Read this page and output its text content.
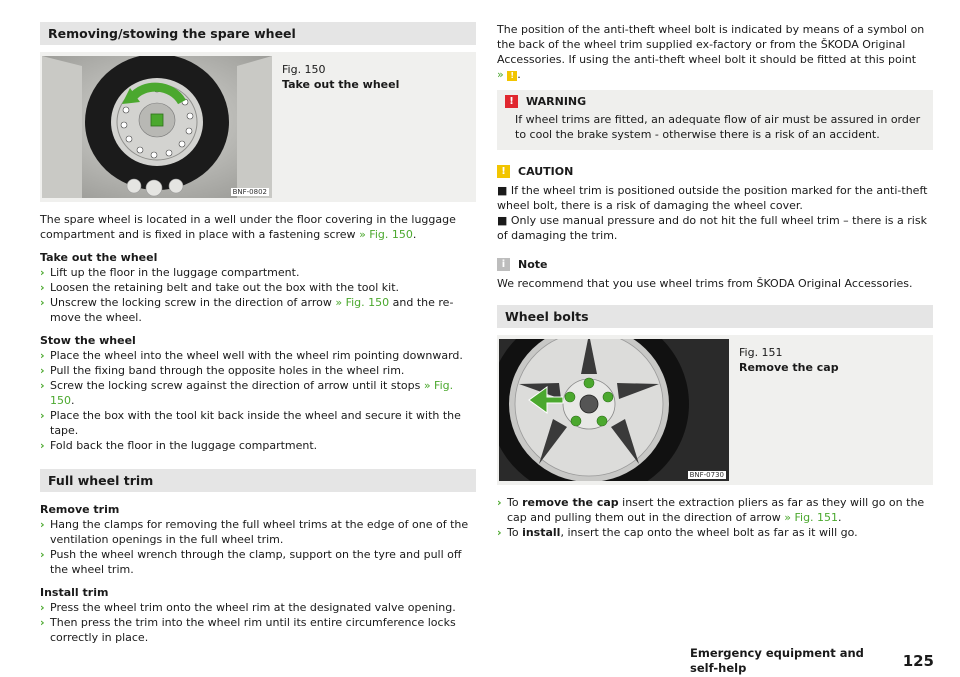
Removing/stowing the spare wheel
BNF-0802
Fig. 150
Take out the wheel

The spare wheel is located in a well under the floor covering in the luggage compartment and is fixed in place with a fastening screw » Fig. 150.

Take out the wheel
› Lift up the floor in the luggage compartment.
› Loosen the retaining belt and take out the box with the tool kit.
› Unscrew the locking screw in the direction of arrow » Fig. 150 and the re-move the wheel.
Stow the wheel
› Place the wheel into the wheel well with the wheel rim pointing downward.
› Pull the fixing band through the opposite holes in the wheel rim.
› Screw the locking screw against the direction of arrow until it stops » Fig. 150.
› Place the box with the tool kit back inside the wheel and secure it with the tape.
› Fold back the floor in the luggage compartment.
Full wheel trim
Remove trim
› Hang the clamps for removing the full wheel trims at the edge of one of the ventilation openings in the full wheel trim.
› Push the wheel wrench through the clamp, support on the tyre and pull off the wheel trim.
Install trim
› Press the wheel trim onto the wheel rim at the designated valve opening.
› Then press the trim into the wheel rim until its entire circumference locks correctly in place.

The position of the anti-theft wheel bolt is indicated by means of a symbol on the back of the wheel trim supplied ex-factory or from the ŠKODA Original Accessories. If using the anti-theft wheel bolt it should be fitted at this point
» ! .

!	WARNING
If wheel trims are fitted, an adequate flow of air must be assured in order to cool the brake system - otherwise there is a risk of an accident.
!	CAUTION

■ If the wheel trim is positioned outside the position marked for the anti-theft wheel bolt, there is a risk of damaging the wheel cover.

■ Only use manual pressure and do not hit the full wheel trim – there is a risk of damaging the trim.

i	Note

We recommend that you use wheel trims from ŠKODA Original Accessories.

Wheel bolts
BNF-0730
Fig. 151
Remove the cap
› To remove the cap insert the extraction pliers as far as they will go on the cap and pulling them out in the direction of arrow » Fig. 151.
› To install, insert the cap onto the wheel bolt as far as it will go.
Emergency equipment and self-help	125
